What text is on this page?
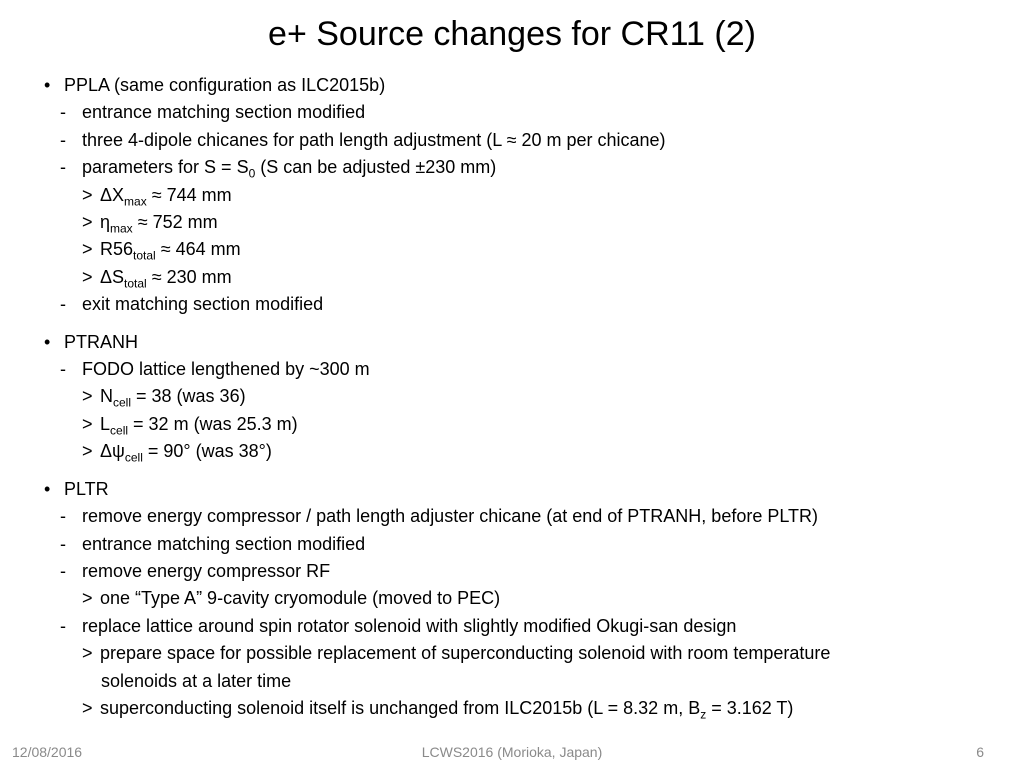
e+ Source changes for CR11 (2)
• PPLA (same configuration as ILC2015b)
- entrance matching section modified
- three 4-dipole chicanes for path length adjustment (L ≈ 20 m per chicane)
- parameters for $S = S_0$ (S can be adjusted ±230 mm)
> $\Delta X_{max} \approx 744$ mm
> $\eta_{max} \approx 752$ mm
> $R56_{total} \approx 464$ mm
> $\Delta S_{total} \approx 230$ mm
- exit matching section modified
• PTRANH
- FODO lattice lengthened by ~300 m
> $N_{cell} = 38$ (was 36)
> $L_{cell} = 32$ m (was 25.3 m)
> $\Delta\psi_{cell} = 90^\circ$ (was 38°)
• PLTR
- remove energy compressor / path length adjuster chicane (at end of PTRANH, before PLTR)
- entrance matching section modified
- remove energy compressor RF
> one “Type A” 9-cavity cryomodule (moved to PEC)
- replace lattice around spin rotator solenoid with slightly modified Okugi-san design
> prepare space for possible replacement of superconducting solenoid with room temperature
solenoids at a later time
> superconducting solenoid itself is unchanged from ILC2015b (L = 8.32 m, $B_z = 3.162$ T)
12/08/2016	LCWS2016 (Morioka, Japan)	6
